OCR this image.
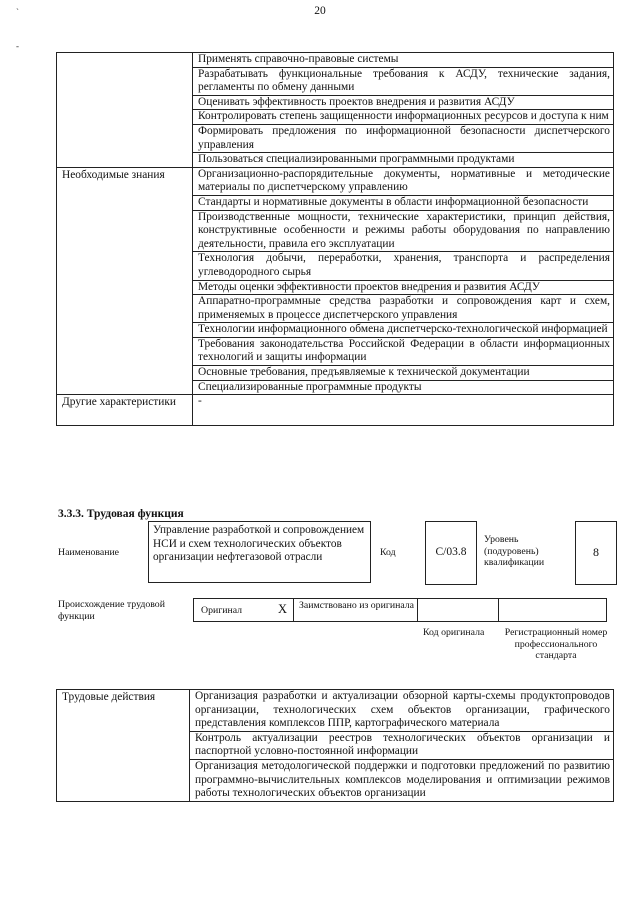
20
`
-
	Применять справочно-правовые системы
	Разрабатывать функциональные требования к АСДУ, технические задания, регламенты по обмену данными
	Оценивать эффективность проектов внедрения и развития АСДУ
	Контролировать степень защищенности информационных ресурсов и доступа к ним
	Формировать предложения по информационной безопасности диспетчерского управления
	Пользоваться специализированными программными продуктами
Необходимые знания	Организационно-распорядительные документы, нормативные и методические материалы по диспетчерскому управлению
	Стандарты и нормативные документы в области информационной безопасности
	Производственные мощности, технические характеристики, принцип действия, конструктивные особенности и режимы работы оборудования по направлению деятельности, правила его эксплуатации
	Технология добычи, переработки, хранения, транспорта и распределения углеводородного сырья
	Методы оценки эффективности проектов внедрения и развития АСДУ
	Аппаратно-программные средства разработки и сопровождения карт и схем, применяемых в процессе диспетчерского управления
	Технологии информационного обмена диспетчерско-технологической информацией
	Требования законодательства Российской Федерации в области информационных технологий и защиты информации
	Основные требования, предъявляемые к технической документации
	Специализированные программные продукты
Другие характеристики	-
3.3.3. Трудовая функция
Наименование
Управление разработкой и сопровождением НСИ и схем технологических объектов организации нефтегазовой отрасли	Код	С/03.8
Уровень (подуровень) квалификации
8
Происхождение трудовой функции	Оригинал	X Заимствовано из оригинала
Код оригинала Регистрационный номер профессионального стандарта
Трудовые действия	Организация разработки и актуализации обзорной карты-схемы продуктопроводов организации, технологических схем объектов организации, графического представления комплексов ППР, картографического материала
Контроль актуализации реестров технологических объектов организации и паспортной условно-постоянной информации
Организация методологической поддержки и подготовки предложений по развитию программно-вычислительных комплексов моделирования и оптимизации режимов работы технологических объектов организации
